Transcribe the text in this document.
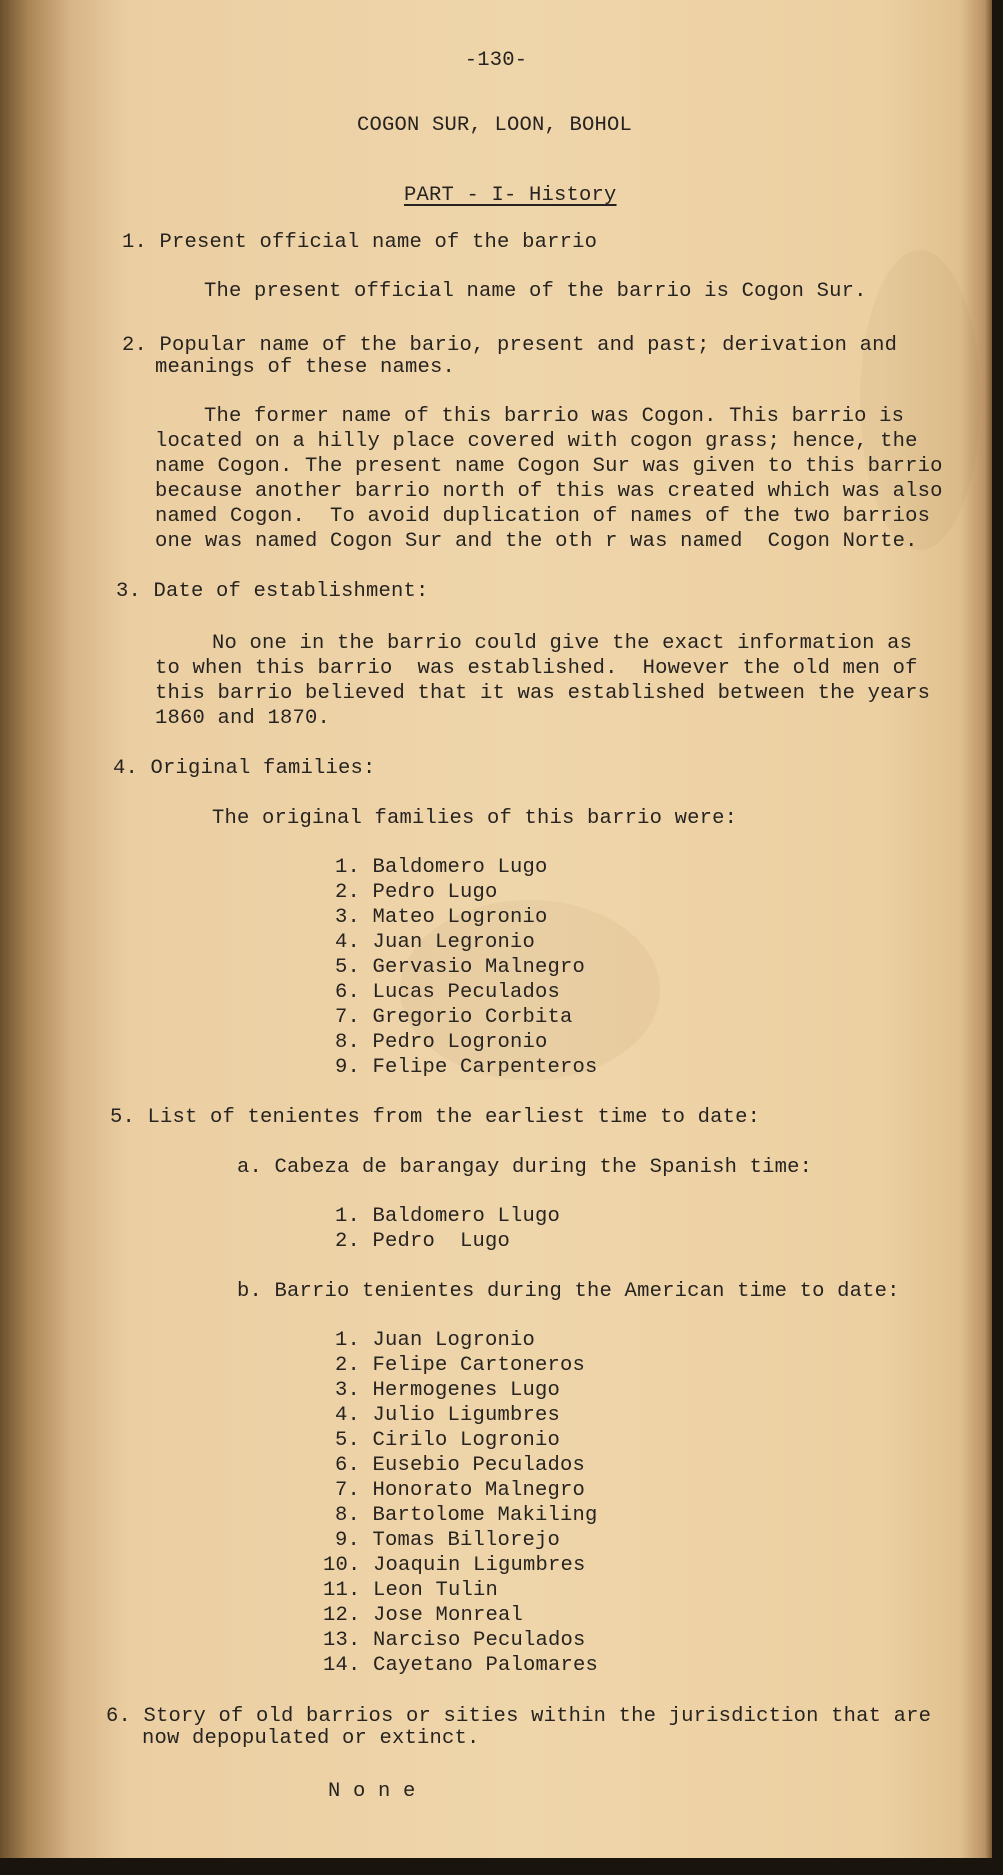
-130-
COGON SUR, LOON, BOHOL
PART - I- History
1. Present official name of the barrio
The present official name of the barrio is Cogon Sur.
2. Popular name of the bario, present and past; derivation and
meanings of these names.
The former name of this barrio was Cogon. This barrio is
located on a hilly place covered with cogon grass; hence, the
name Cogon. The present name Cogon Sur was given to this barrio
because another barrio north of this was created which was also
named Cogon.  To avoid duplication of names of the two barrios
one was named Cogon Sur and the oth r was named  Cogon Norte.
3. Date of establishment:
No one in the barrio could give the exact information as
to when this barrio  was established.  However the old men of
this barrio believed that it was established between the years
1860 and 1870.
4. Original families:
The original families of this barrio were:
1. Baldomero Lugo
2. Pedro Lugo
3. Mateo Logronio
4. Juan Legronio
5. Gervasio Malnegro
6. Lucas Peculados
7. Gregorio Corbita
8. Pedro Logronio
9. Felipe Carpenteros
5. List of tenientes from the earliest time to date:
a. Cabeza de barangay during the Spanish time:
1. Baldomero Llugo
2. Pedro  Lugo
b. Barrio tenientes during the American time to date:
1. Juan Logronio
2. Felipe Cartoneros
3. Hermogenes Lugo
4. Julio Ligumbres
5. Cirilo Logronio
6. Eusebio Peculados
7. Honorato Malnegro
8. Bartolome Makiling
9. Tomas Billorejo
10. Joaquin Ligumbres
11. Leon Tulin
12. Jose Monreal
13. Narciso Peculados
14. Cayetano Palomares
6. Story of old barrios or sities within the jurisdiction that are
now depopulated or extinct.
N o n e
